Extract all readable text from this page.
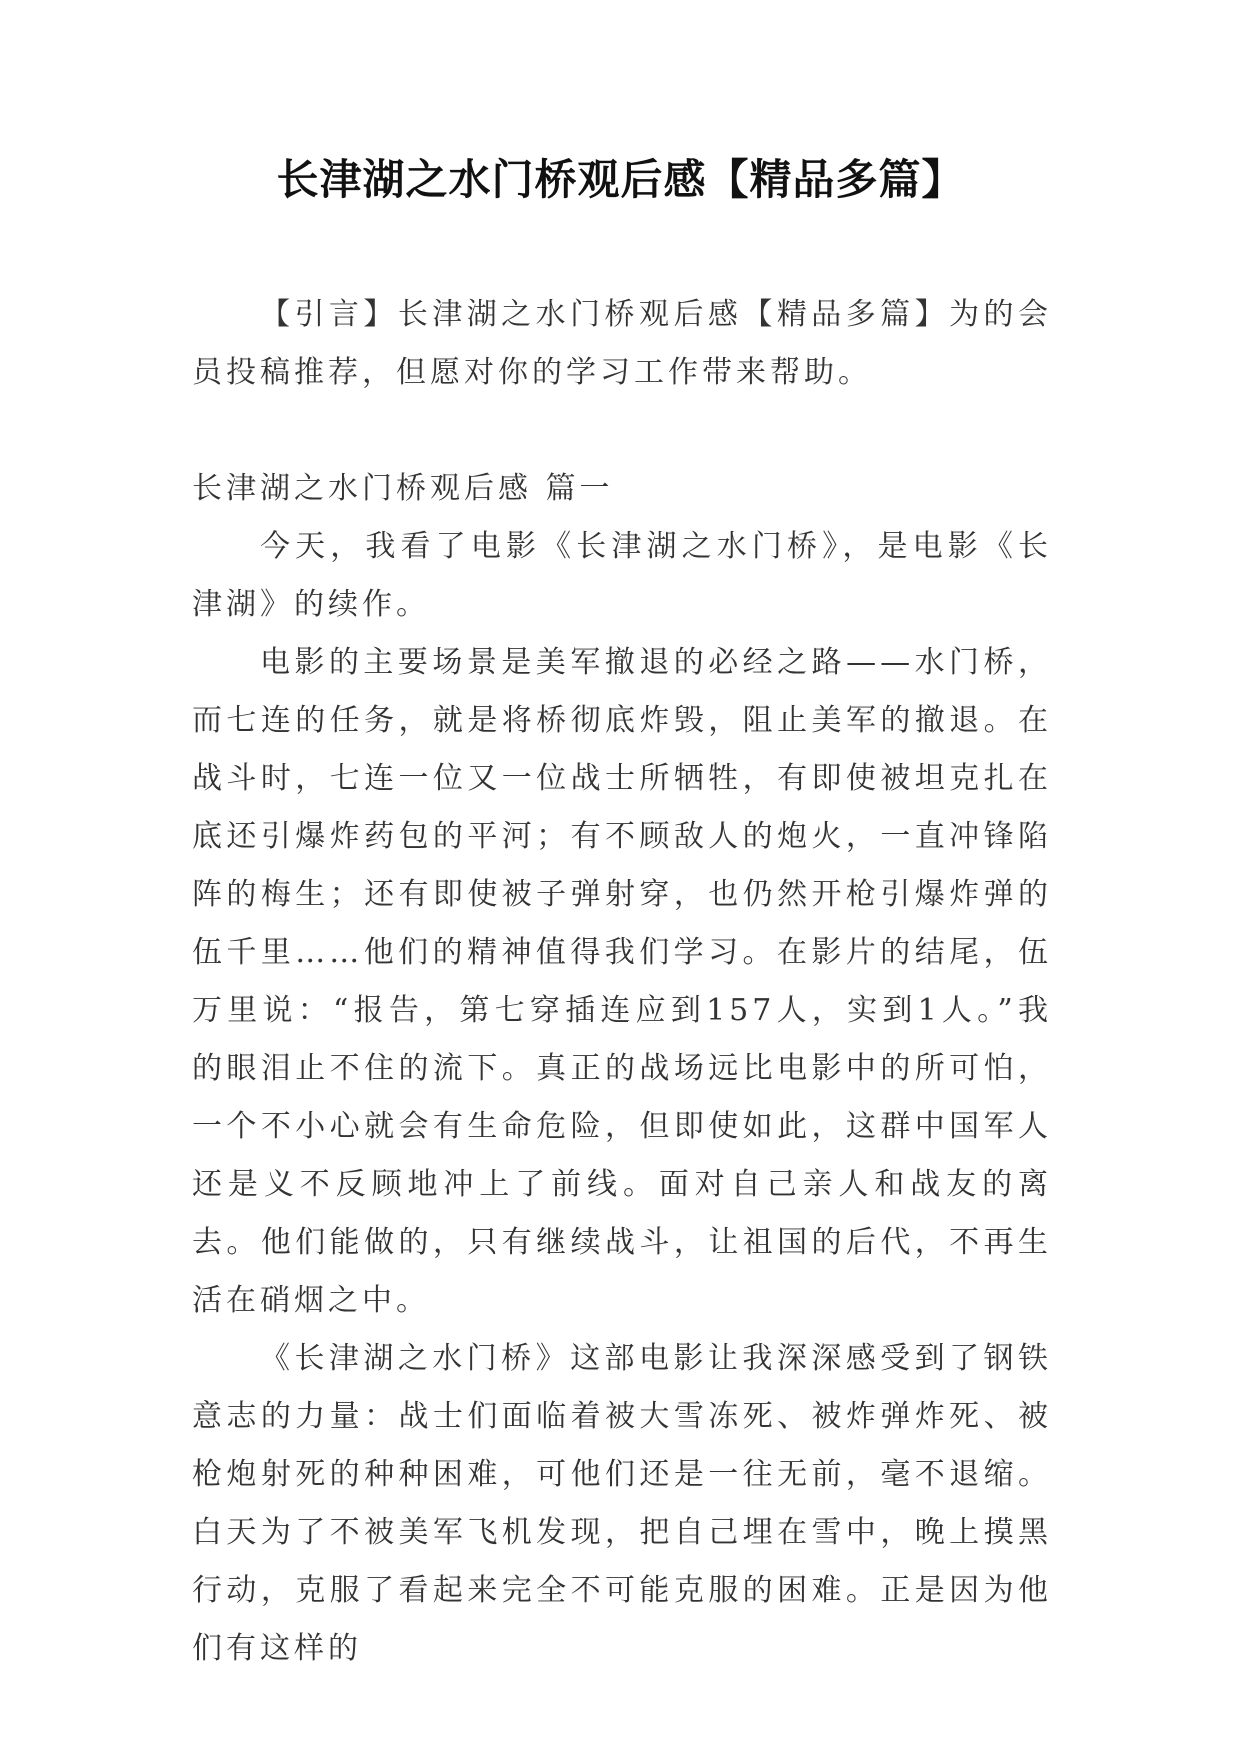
长津湖之水门桥观后感【精品多篇】

【引言】长津湖之水门桥观后感【精品多篇】为的会员投稿推荐，但愿对你的学习工作带来帮助。

长津湖之水门桥观后感 篇一

今天，我看了电影《长津湖之水门桥》，是电影《长津湖》的续作。

电影的主要场景是美军撤退的必经之路——水门桥，而七连的任务，就是将桥彻底炸毁，阻止美军的撤退。在战斗时，七连一位又一位战士所牺牲，有即使被坦克扎在底还引爆炸药包的平河；有不顾敌人的炮火，一直冲锋陷阵的梅生；还有即使被子弹射穿，也仍然开枪引爆炸弹的伍千里……他们的精神值得我们学习。在影片的结尾，伍万里说：“报告，第七穿插连应到157人，实到1人。”我的眼泪止不住的流下。真正的战场远比电影中的所可怕，一个不小心就会有生命危险，但即使如此，这群中国军人还是义不反顾地冲上了前线。面对自己亲人和战友的离去。他们能做的，只有继续战斗，让祖国的后代，不再生活在硝烟之中。

《长津湖之水门桥》这部电影让我深深感受到了钢铁意志的力量：战士们面临着被大雪冻死、被炸弹炸死、被枪炮射死的种种困难，可他们还是一往无前，毫不退缩。白天为了不被美军飞机发现，把自己埋在雪中，晚上摸黑行动，克服了看起来完全不可能克服的困难。正是因为他们有这样的
